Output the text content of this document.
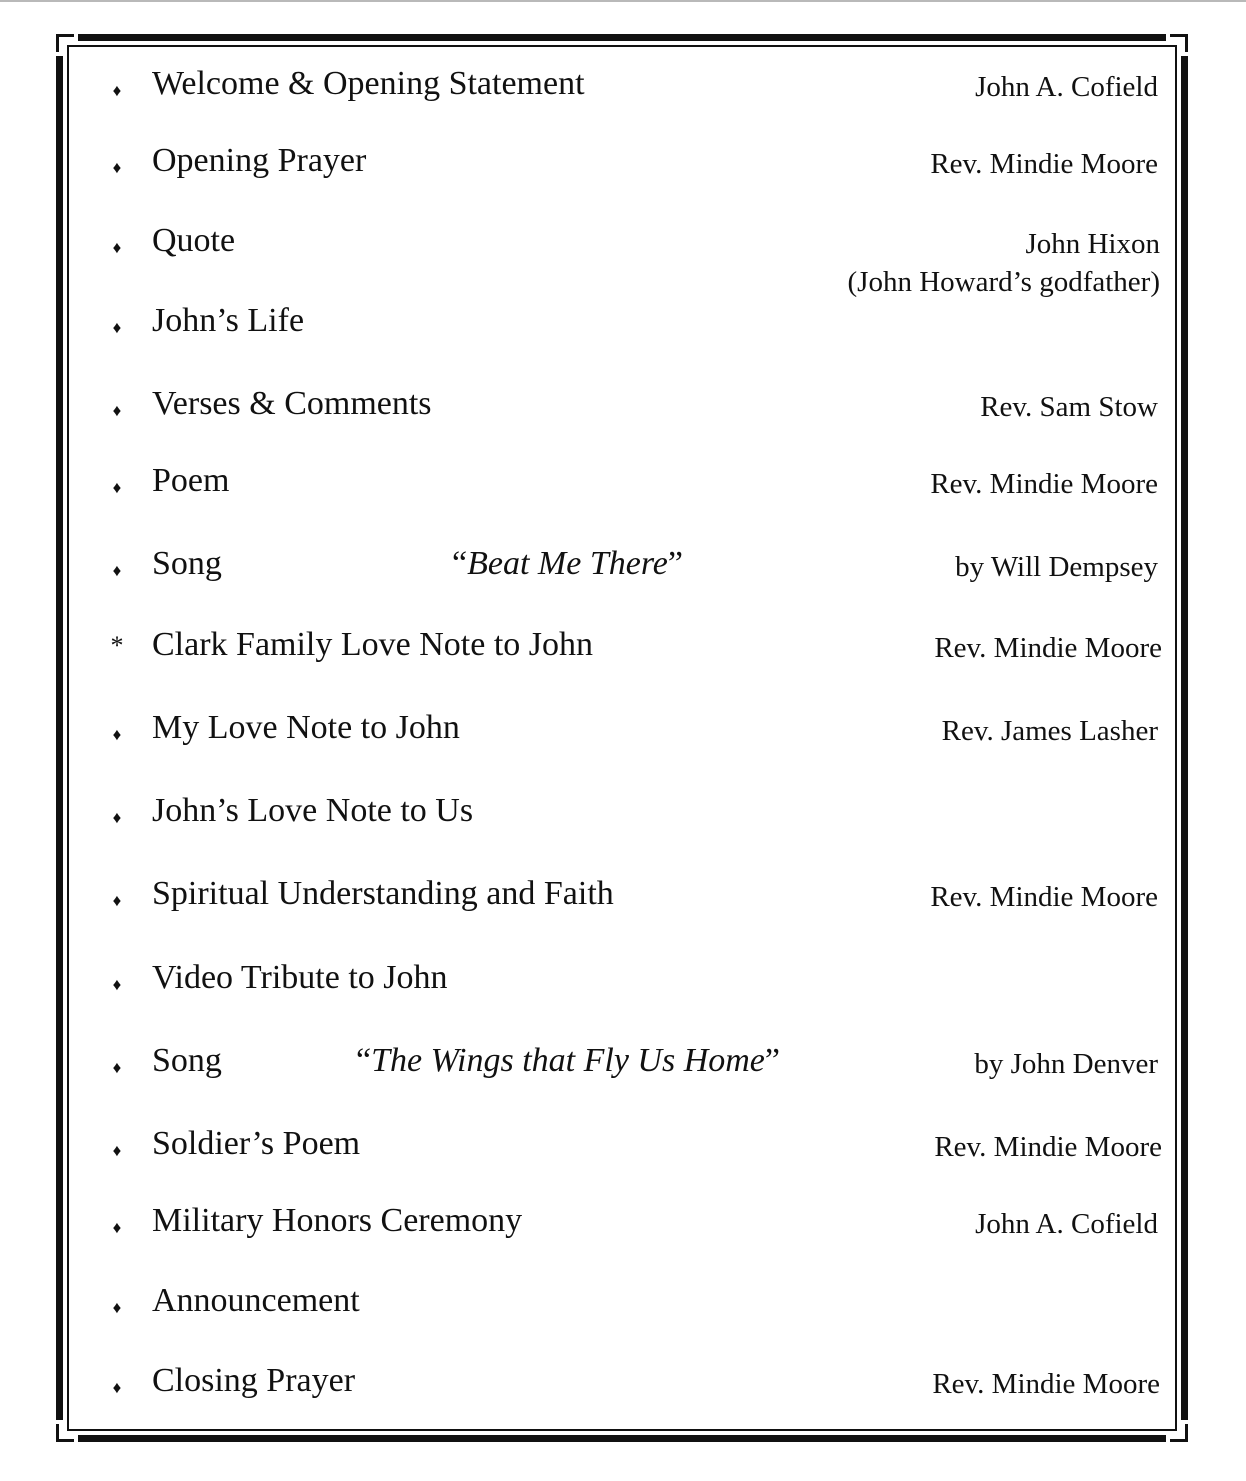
♦ Welcome & Opening Statement	John A. Cofield
♦ Opening Prayer	Rev. Mindie Moore
♦ Quote	John Hixon
(John Howard’s godfather)
♦ John’s Life
♦ Verses & Comments	Rev. Sam Stow
♦ Poem	Rev. Mindie Moore
♦ Song	“Beat Me There”	by Will Dempsey
* Clark Family Love Note to John	Rev. Mindie Moore
♦ My Love Note to John	Rev. James Lasher
♦ John’s Love Note to Us
♦ Spiritual Understanding and Faith	Rev. Mindie Moore
♦ Video Tribute to John
♦ Song	“The Wings that Fly Us Home”	by John Denver
♦ Soldier’s Poem	Rev. Mindie Moore
♦ Military Honors Ceremony	John A. Cofield
♦ Announcement
♦ Closing Prayer	Rev. Mindie Moore
